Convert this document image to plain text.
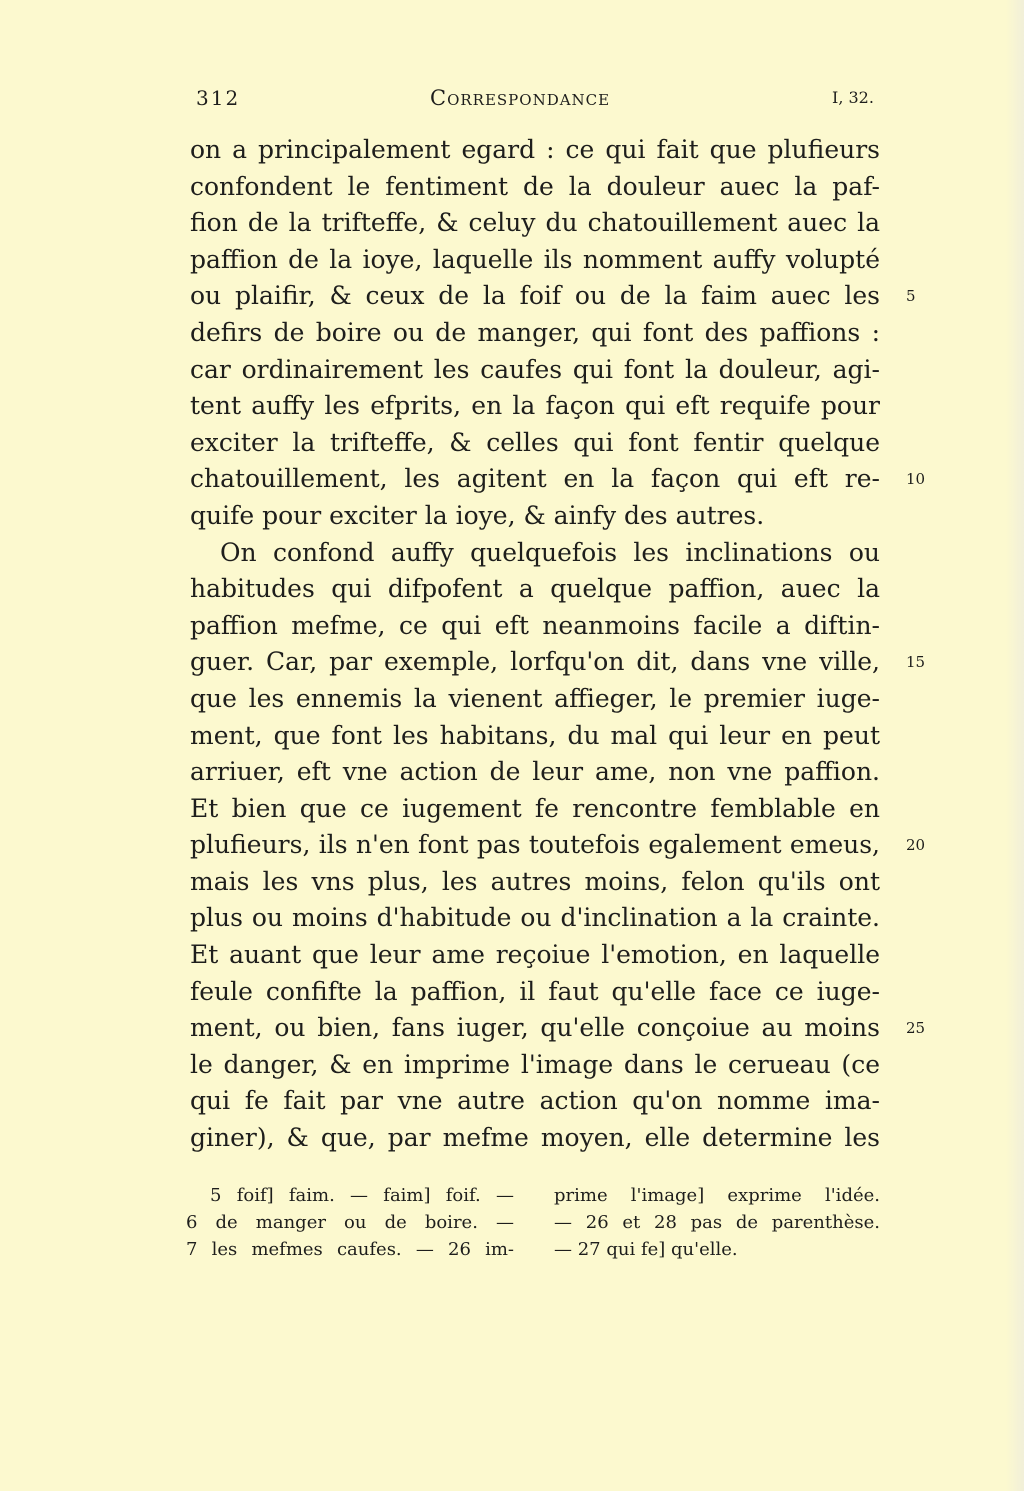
312	Correspondance	I, 32.
on a principalement egard : ce qui fait que plufieurs
confondent le fentiment de la douleur auec la paf-
fion de la trifteffe, & celuy du chatouillement auec la
paffion de la ioye, laquelle ils nomment auffy volupté
ou plaifir, & ceux de la foif ou de la faim auec les 5
defirs de boire ou de manger, qui font des paffions :
car ordinairement les caufes qui font la douleur, agi-
tent auffy les efprits, en la façon qui eft requife pour
exciter la trifteffe, & celles qui font fentir quelque
chatouillement, les agitent en la façon qui eft re- 10
quife pour exciter la ioye, & ainfy des autres.
On confond auffy quelquefois les inclinations ou
habitudes qui difpofent a quelque paffion, auec la
paffion mefme, ce qui eft neanmoins facile a diftin-
guer. Car, par exemple, lorfqu'on dit, dans vne ville, 15
que les ennemis la vienent affieger, le premier iuge-
ment, que font les habitans, du mal qui leur en peut
arriuer, eft vne action de leur ame, non vne paffion.
Et bien que ce iugement fe rencontre femblable en
plufieurs, ils n'en font pas toutefois egalement emeus, 20
mais les vns plus, les autres moins, felon qu'ils ont
plus ou moins d'habitude ou d'inclination a la crainte.
Et auant que leur ame reçoiue l'emotion, en laquelle
feule confifte la paffion, il faut qu'elle face ce iuge-
ment, ou bien, fans iuger, qu'elle conçoiue au moins 25
le danger, & en imprime l'image dans le cerueau (ce
qui fe fait par vne autre action qu'on nomme ima-
giner), & que, par mefme moyen, elle determine les
5 foif] faim. — faim] foif. —
6 de manger ou de boire. —
7 les mefmes caufes. — 26 im-
prime l'image] exprime l'idée.
— 26 et 28 pas de parenthèse.
— 27 qui fe] qu'elle.
